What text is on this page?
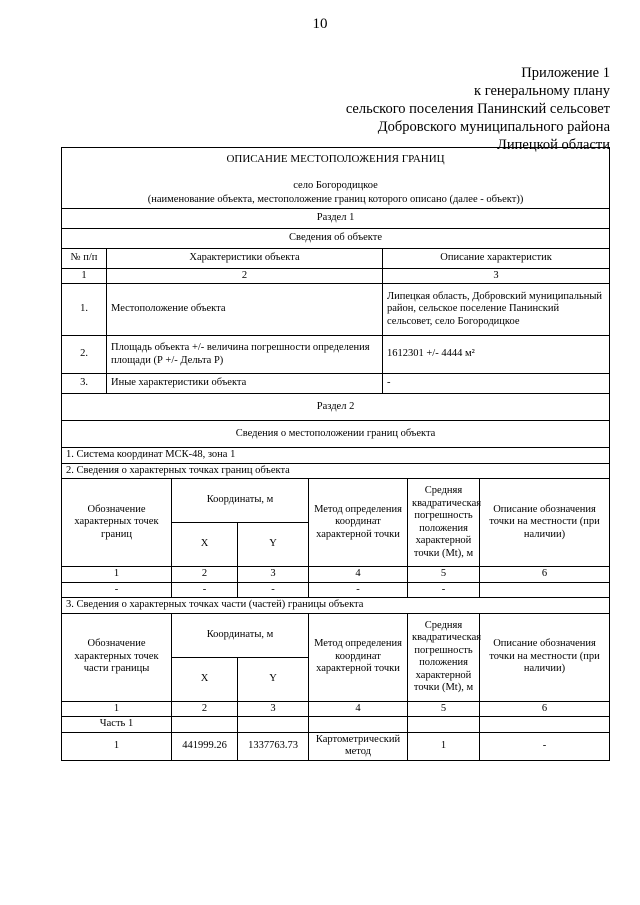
10
Приложение 1
к генеральному плану
сельского поселения Панинский сельсовет
Добровского муниципального района
Липецкой области
ОПИСАНИЕ МЕСТОПОЛОЖЕНИЯ ГРАНИЦ
село Богородицкое
(наименование объекта, местоположение границ которого описано (далее - объект))							

Раздел 1							
Сведения об объекте							
№ п/п	Характеристики объекта				Описание характеристик		
1	2				3		
1.	Местоположение объекта				Липецкая область, Добровский муниципальный район, сельское поселение Панинский сельсовет, село Богородицкое		
2.	Площадь объекта +/- величина погрешности определения площади (Р +/- Дельта Р)				1612301 +/- 4444 м²		
3.	Иные характеристики объекта				-		
Раздел 2							
Сведения о местоположении границ объекта							
1. Система координат МСК-48, зона 1							
2. Сведения о характерных точках границ объекта							
Обозначение характерных точек границ		Координаты, м		Метод определения координат характерной точки		Средняя квадратическая погрешность положения характерной точки (Mt), м	Описание обозначения точки на местности (при наличии)
		X	Y				
1		2	3	4		5	6
-		-	-	-		-	
3. Сведения о характерных точках части (частей) границы объекта							
Обозначение характерных точек части границы		Координаты, м		Метод определения координат характерной точки		Средняя квадратическая погрешность положения характерной точки (Mt), м	Описание обозначения точки на местности (при наличии)
		X	Y				
1		2	3	4		5	6
Часть 1							
1		441999.26	1337763.73	Картометрический метод		1	-
